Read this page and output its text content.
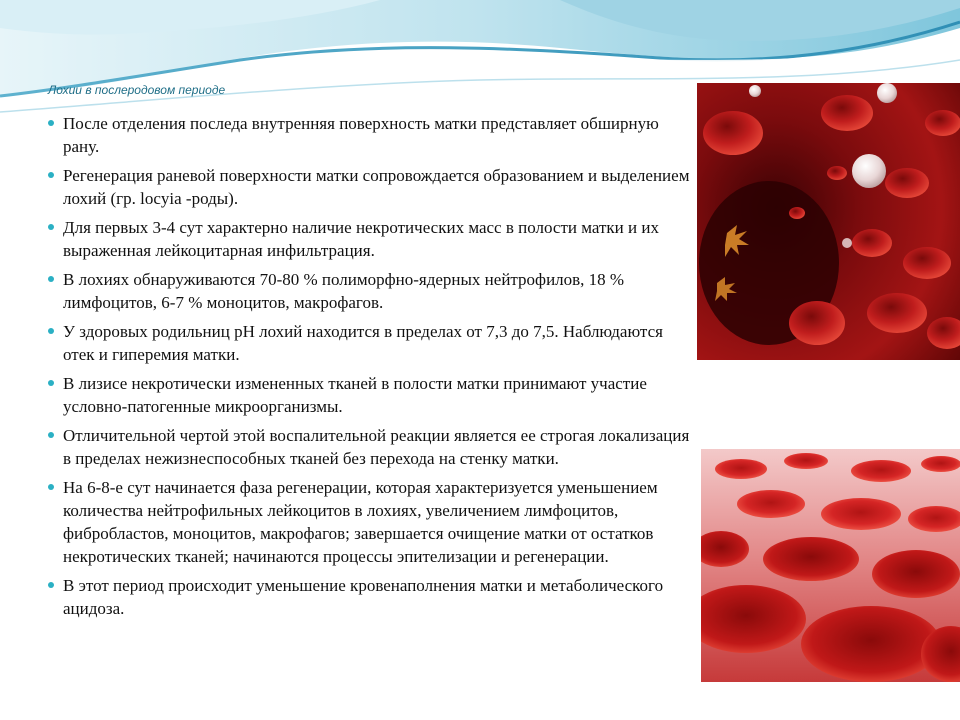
Лохии в послеродовом периоде
После отделения последа внутренняя поверхность матки представляет обширную рану.
Регенерация раневой поверхности матки сопровождается образованием и выделением лохий (гр. locyia -роды).
Для первых 3-4 сут характерно наличие некротических масс в полости матки и их выраженная лейкоцитарная инфильтрация.
В лохиях обнаруживаются 70-80 % полиморфно-ядерных нейтрофилов, 18 % лимфоцитов, 6-7 % моноцитов, макрофагов.
У здоровых родильниц рН лохий находится в пределах от 7,3 до 7,5. Наблюдаются отек и гиперемия матки.
В лизисе некротически измененных тканей в полости матки принимают участие условно-патогенные микроорганизмы.
Отличительной чертой этой воспалительной реакции является ее строгая локализация в пределах нежизнеспособных тканей без перехода на стенку матки.
На 6-8-е сут начинается фаза регенерации, которая характеризуется уменьшением количества нейтрофильных лейкоцитов в лохиях, увеличением лимфоцитов, фибробластов, моноцитов, макрофагов; завершается очищение матки от остатков некротических тканей; начинаются процессы эпителизации и регенерации.
В этот период происходит уменьшение кровенаполнения матки и метаболического ацидоза.
